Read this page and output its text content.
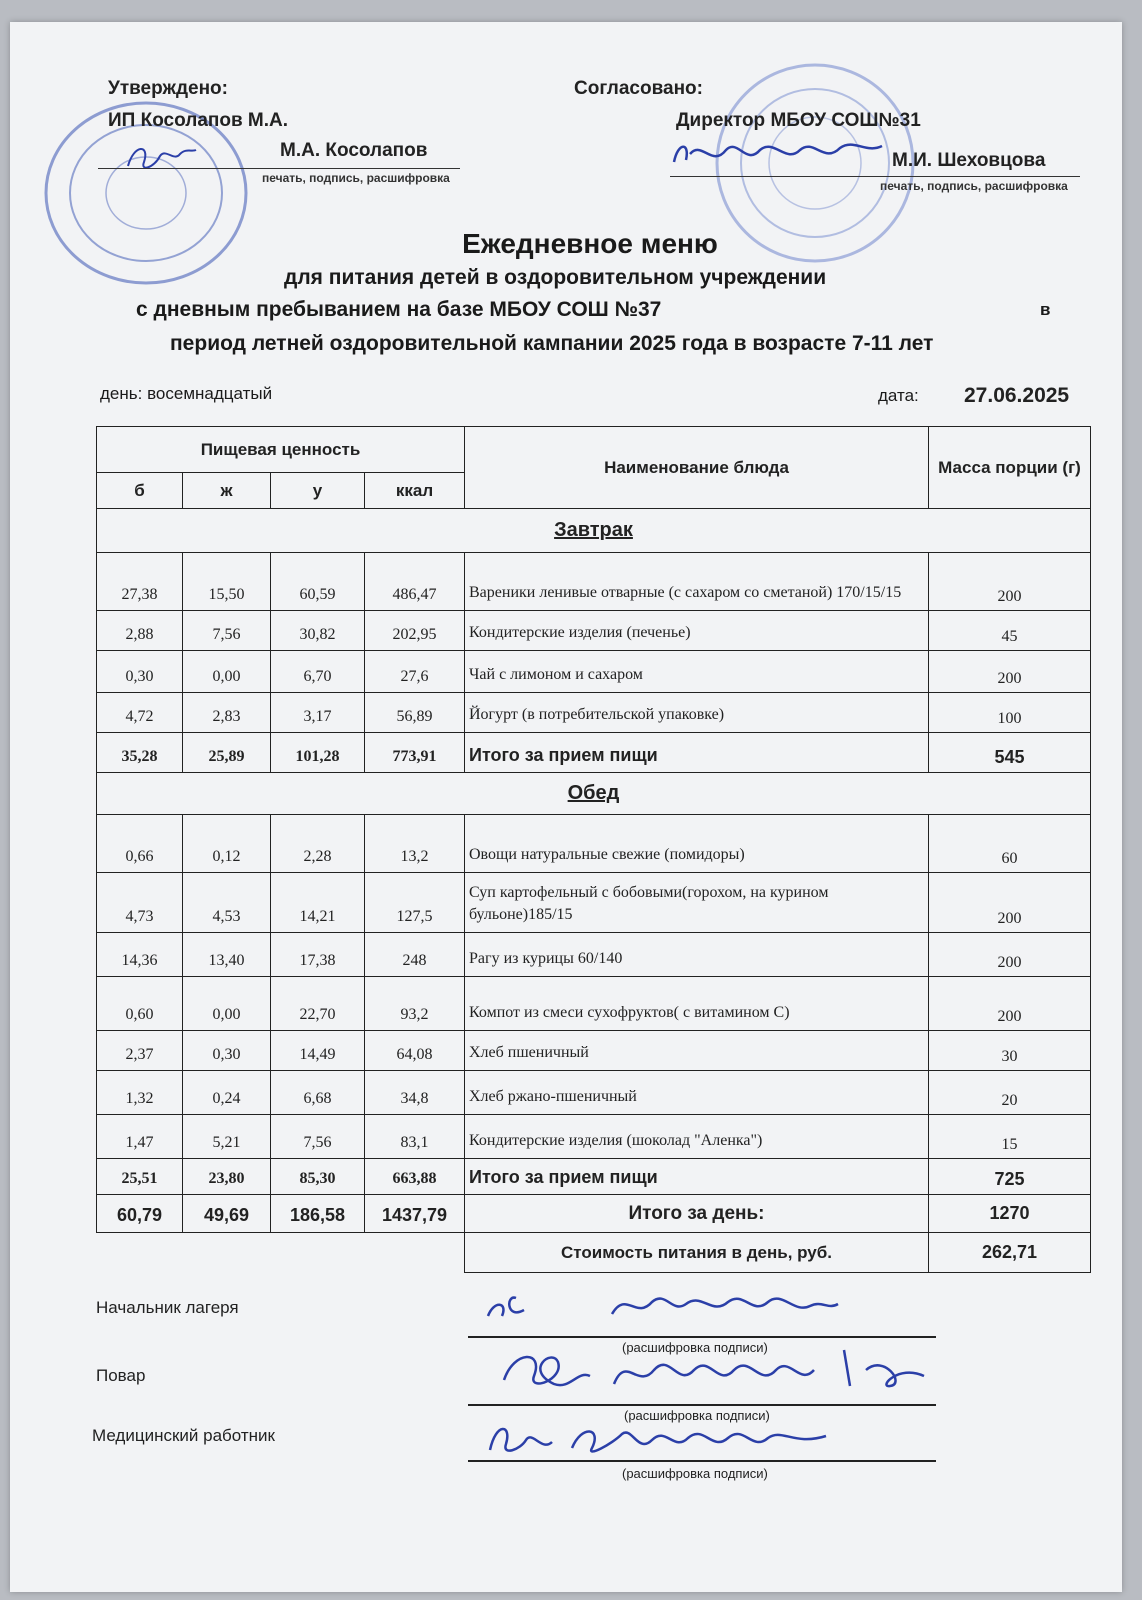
Утверждено:
ИП Косолапов М.А.
М.А. Косолапов
печать, подпись, расшифровка
Согласовано:
Директор МБОУ СОШ№31
М.И. Шеховцова
печать, подпись, расшифровка
Ежедневное меню
для питания детей в оздоровительном учреждении
с дневным пребыванием на базе МБОУ СОШ №37	в
период летней оздоровительной кампании 2025 года в возрасте 7-11 лет
день: восемнадцатый	дата: 27.06.2025
Пищевая ценность				Наименование блюда	Масса порции (г)
б	ж	у	ккал		
Завтрак					
27,38	15,50	60,59	486,47	Вареники ленивые отварные (с сахаром со сметаной) 170/15/15	200
2,88	7,56	30,82	202,95	Кондитерские изделия (печенье)	45
0,30	0,00	6,70	27,6	Чай с лимоном и сахаром	200
4,72	2,83	3,17	56,89	Йогурт (в потребительской упаковке)	100
35,28	25,89	101,28	773,91	Итого за прием пищи	545
Обед					
0,66	0,12	2,28	13,2	Овощи натуральные свежие (помидоры)	60
4,73	4,53	14,21	127,5	Суп картофельный с бобовыми(горохом, на курином бульоне)185/15	200
14,36	13,40	17,38	248	Рагу из курицы 60/140	200
0,60	0,00	22,70	93,2	Компот из смеси сухофруктов( с витамином С)	200
2,37	0,30	14,49	64,08	Хлеб пшеничный	30
1,32	0,24	6,68	34,8	Хлеб ржано-пшеничный	20
1,47	5,21	7,56	83,1	Кондитерские изделия (шоколад "Аленка")	15
25,51	23,80	85,30	663,88	Итого за прием пищи	725
60,79	49,69	186,58	1437,79	Итого за день:	1270
				Стоимость питания в день, руб.	262,71
Начальник лагеря
(расшифровка подписи)
Повар
(расшифровка подписи)
Медицинский работник
(расшифровка подписи)
